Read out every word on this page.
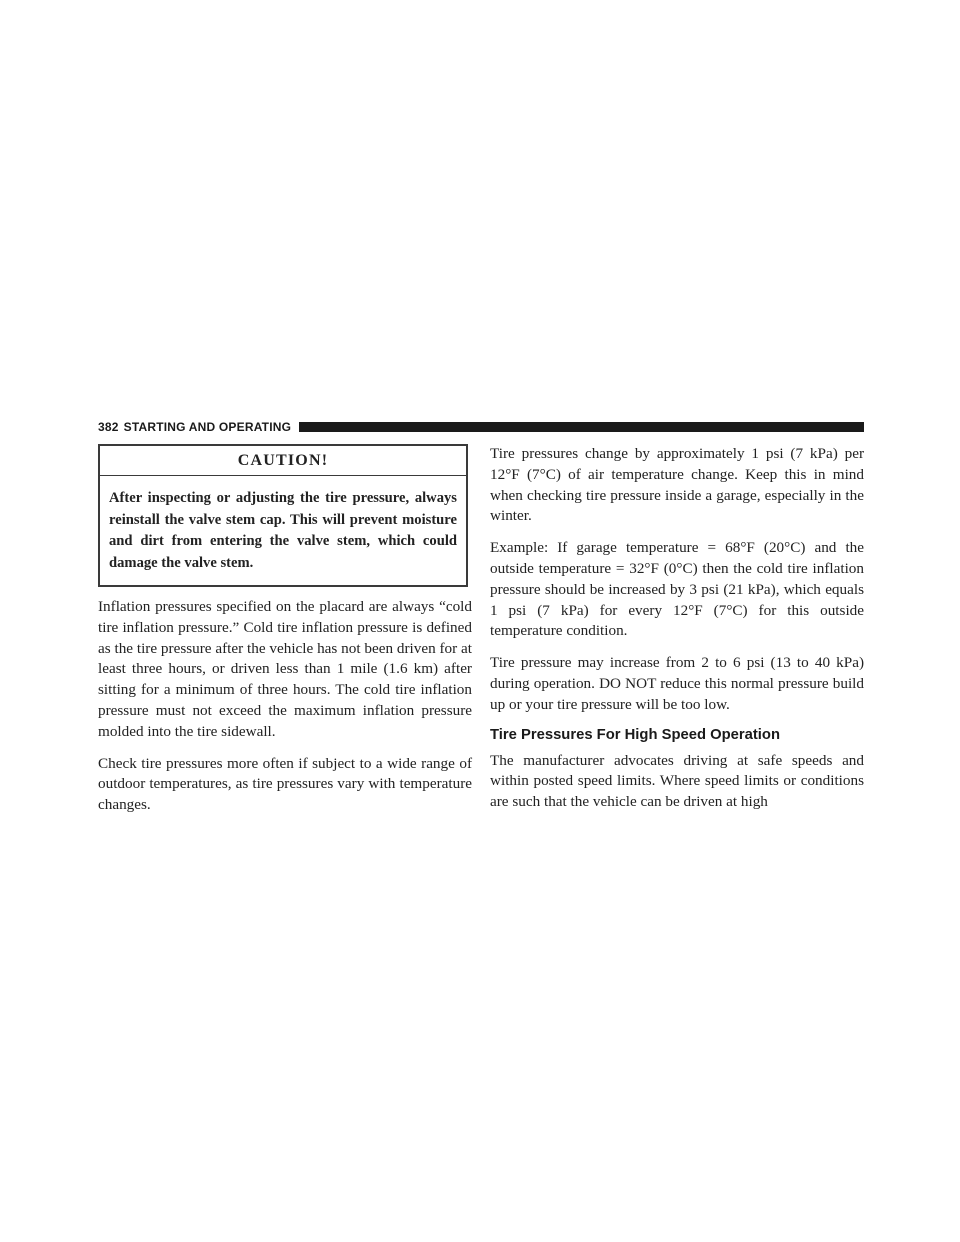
382 STARTING AND OPERATING
CAUTION!
After inspecting or adjusting the tire pressure, always reinstall the valve stem cap. This will prevent moisture and dirt from entering the valve stem, which could damage the valve stem.

Inflation pressures specified on the placard are always “cold tire inflation pressure.” Cold tire inflation pressure is defined as the tire pressure after the vehicle has not been driven for at least three hours, or driven less than 1 mile (1.6 km) after sitting for a minimum of three hours. The cold tire inflation pressure must not exceed the maximum inflation pressure molded into the tire sidewall.

Check tire pressures more often if subject to a wide range of outdoor temperatures, as tire pressures vary with temperature changes.

Tire pressures change by approximately 1 psi (7 kPa) per 12°F (7°C) of air temperature change. Keep this in mind when checking tire pressure inside a garage, especially in the winter.

Example: If garage temperature = 68°F (20°C) and the outside temperature = 32°F (0°C) then the cold tire inflation pressure should be increased by 3 psi (21 kPa), which equals 1 psi (7 kPa) for every 12°F (7°C) for this outside temperature condition.

Tire pressure may increase from 2 to 6 psi (13 to 40 kPa) during operation. DO NOT reduce this normal pressure build up or your tire pressure will be too low.

Tire Pressures For High Speed Operation

The manufacturer advocates driving at safe speeds and within posted speed limits. Where speed limits or conditions are such that the vehicle can be driven at high
